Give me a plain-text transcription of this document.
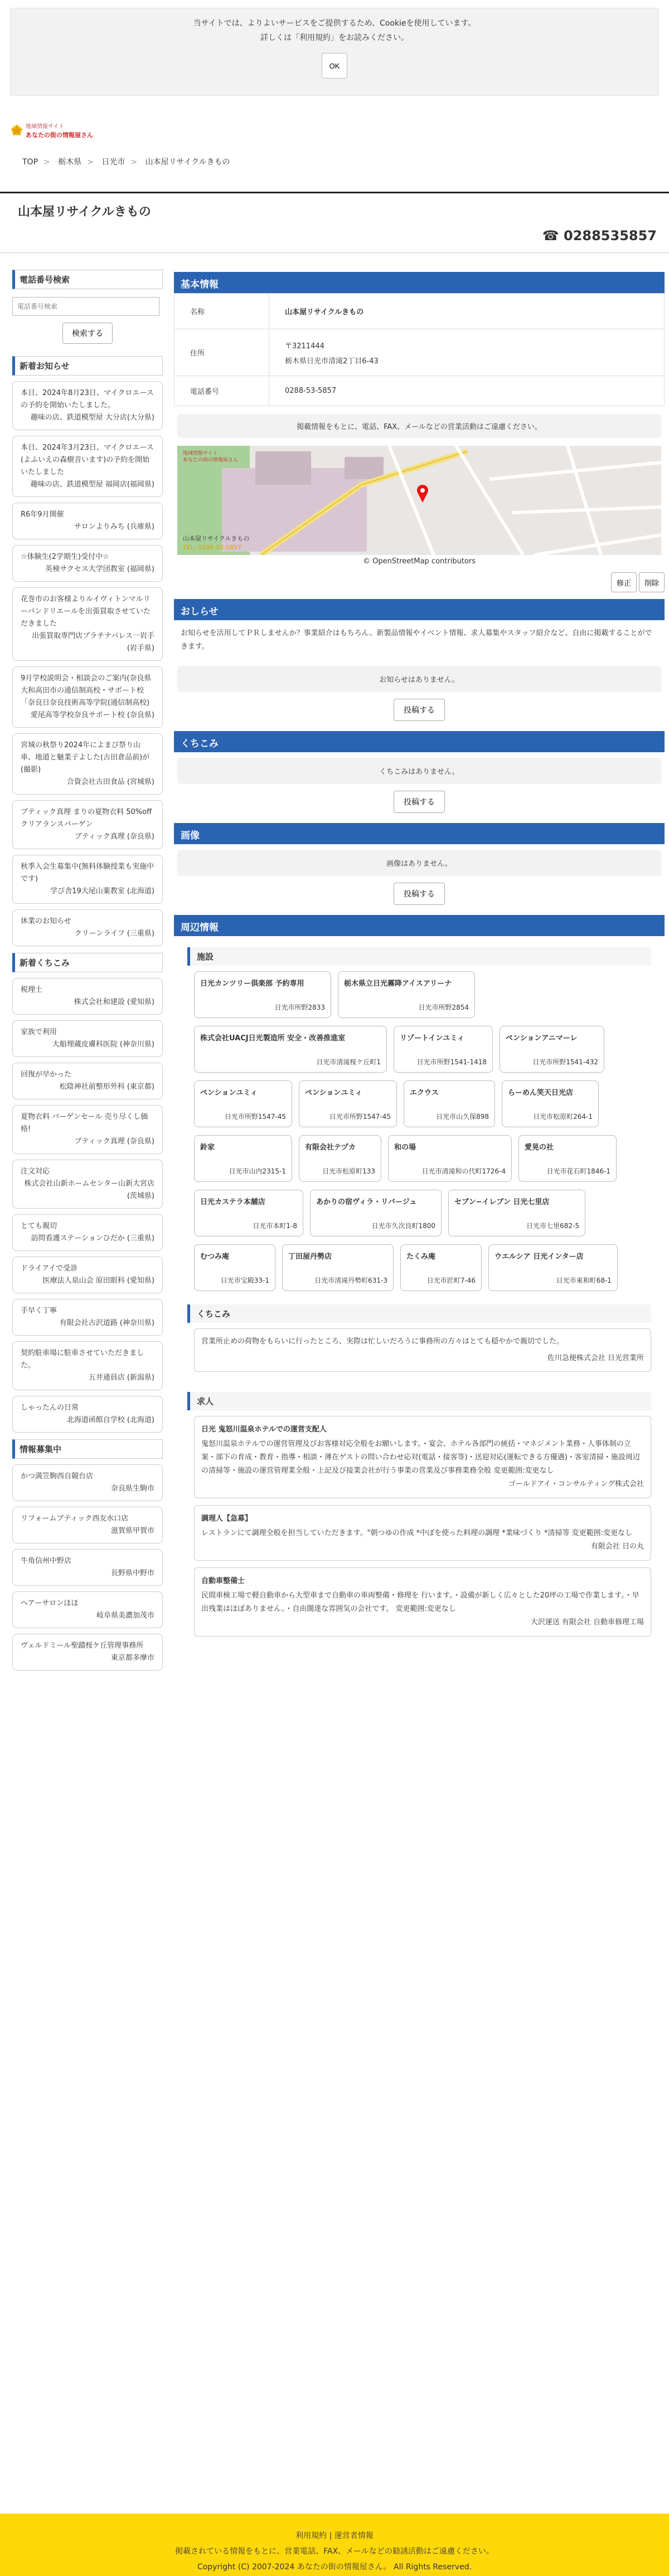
当サイトでは、よりよいサービスをご提供するため、Cookieを使用しています。

詳しくは「利用規約」をお読みください。

OK
地域情報サイト
あなたの街の情報屋さん
TOP > 栃木県 > 日光市 > 山本屋リサイクルきもの
山本屋リサイクルきもの
☎ 0288535857
電話番号検索
電話番号検索
検索する
新着お知らせ
本日、2024年8月23日、マイクロエースの予約を開始いたしました。
趣味の店、鉄道模型屋 大分店(大分県)
本日、2024年3月23日、マイクロエース(よふいえの森樹音います)の予約を開始いたしました
趣味の店、鉄道模型屋 福岡店(福岡県)
R6年9月開催
サロンよりみち (兵庫県)
☆体験生(2学期生)受付中☆
英検サクセス大学団教室 (福岡県)
花巻市のお客様よりルイヴィトンマルリーバンドリエールを出張買取させていただきました
出張買取専門店プラチナパレス一岩手 (岩手県)
9月学校説明会・相談会のご案内(奈良県大和高田市の通信制高校・サポート校「奈良日奈良技術高等学院(通信制高校)
愛尾高等学校奈良サポート校 (奈良県)
宮城の秋祭り2024年によまび祭り山車、地道と魅業子よした(古田倉品前)が(撮影)
合資会社古田食品 (宮城県)
ブティック真理 まりの夏物衣料 50%off クリアランスバーゲン
ブティック真理 (奈良県)
秋季入会生募集中(無料体験授業も実施中です)
学び舎19大尾山薬教室 (北海道)
休業のお知らせ
クリーンライフ (三重県)
新着くちこみ
税理士
株式会社和建設 (愛知県)
家族で利用
大船埋蔵皮膚科医院 (神奈川県)
回復が早かった
松陰神社前整形外科 (東京都)
夏物衣料 バーゲンセール 売り尽くし価格!
ブティック真理 (奈良県)
注文対応
株式会社山新ホームセンター山新大宮店 (茨城県)
とても親切
訪問看護ステーションひだか (三重県)
ドライアイで受診
医療法人泉山会 原田眼科 (愛知県)
手早く丁寧
有限会社古沢道路 (神奈川県)
契約駐車場に駐車させていただきました。
五井通員店 (新潟県)
しゃったんの日常
北海道函館自学校 (北海道)
情報募集中
かつ満笠駒西自競台店
奈良県生駒市
リフォームブティック西友水口店
滋賀県甲賀市
牛角信州中野店
長野県中野市
ヘアーサロンほほ
岐阜県美濃加茂市
ヴェルドミール聖蹟桜ケ丘管理事務所
東京都多摩市
基本情報
名称	山本屋リサイクルきもの
住所	〒3211444
栃木県日光市清滝2丁目6-43

電話番号	0288-53-5857
掲載情報をもとに、電話、FAX、メールなどの営業活動はご遠慮ください。
地域情報サイト
あなたの街の情報屋さん
山本屋リサイクルきもの
TEL: 0288-53-5857
© OpenStreetMap contributors
修正 削除
おしらせ
お知らせを活用してＰＲしませんか？事業紹介はもちろん、新製品情報やイベント情報、求人募集やスタッフ紹介など、自由に掲載することができます。
お知らせはありません。
投稿する
くちこみ
くちこみはありません。
投稿する
画像
画像はありません。
投稿する
周辺情報
施設
日光カンツリー倶楽部 予約専用
日光市所野2833
栃木県立日光霧降アイスアリーナ
日光市所野2854
株式会社UACJ日光製造所 安全・改善推進室
日光市清滝桜ケ丘町1
リゾートインユミィ
日光市所野1541-1418
ペンションアニマーレ
日光市所野1541-432
ペンションユミィ
日光市所野1547-45
ペンションユミィ
日光市所野1547-45
エクウス
日光市山久保898
らーめん笑天日光店
日光市松原町264-1
鈴家
日光市山内2315-1
有限会社テヅカ
日光市松原町133
和の場
日光市清滝和の代町1726-4
愛晃の社
日光市花石町1846-1
日光カステラ本舗店
日光市本町1-8
あかりの宿ヴィラ・リバージュ
日光市久次良町1800
セブン−イレブン 日光七里店
日光市七里682-5
むつみ庵
日光市宝殿33-1
丁田屋丹勢店
日光市清滝丹勢町631-3
たくみ庵
日光市匠町7-46
ウエルシア 日光インター店
日光市東和町68-1
くちこみ
営業所止めの荷物をもらいに行ったところ、実際は忙しいだろうに事務所の方々はとても穏やかで親切でした。
佐川急便株式会社 日光営業所
求人
日光 鬼怒川温泉ホテルでの運営支配人
鬼怒川温泉ホテルでの運営管理及びお客様対応全般をお願いします。・宴会、ホテル各部門の統括・マネジメント業務・人事体制の立案・部下の育成・教育・指導・相談・薄在ゲストの問い合わせ応対(電話・接客等)・送迎対応(運転できる方優遇)・客室清掃・施設周辺の清掃等・施設の運営管理業全般・上記及び接業会社が行う事業の営業及び事務業務全般 変更範囲:変更なし
ゴールドアイ・コンサルティング株式会社
調理人【急募】
レストランにて調理全般を担当していただきます。"朝つゆの作成 *中ぼを使った料理の調理 *業味づくり *清掃等 変更範囲:変更なし
有限会社 日の丸
自動車整備士
民間車検工場で軽自動車から大型車まで自動車の車両整備・修理を 行います。・設備が新しく広々とした20坪の工場で作業します。・早出残業はほぼありません。・自由闊達な雰囲気の会社です。 変更範囲:変更なし
大沢運送 有限会社 自動車修理工場
利用規約 | 運営者情報
掲載されている情報をもとに、営業電話、FAX、メールなどの勧誘活動はご遠慮ください。
Copyright (C) 2007-2024 あなたの街の情報屋さん。 All Rights Reserved.
